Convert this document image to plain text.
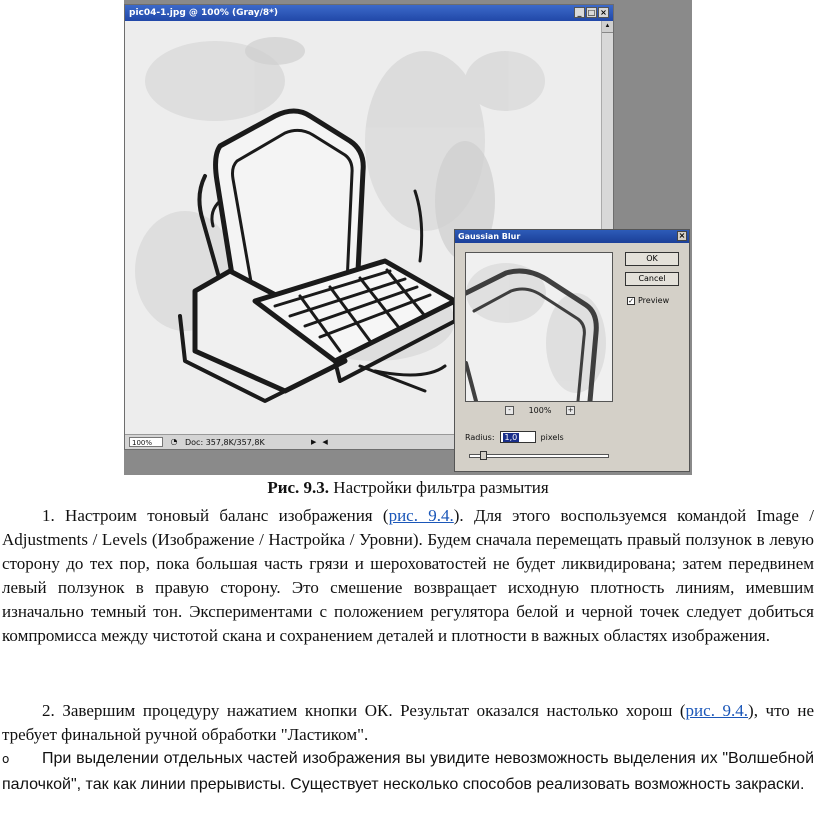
pic04-1.jpg @ 100% (Gray/8*)	_ □ ×
▲
100%	◔ Doc: 357,8K/357,8K	▶ ◀
Gaussian Blur	×
OK
Cancel
✓ Preview
-	100% +
Radius: 1,0	pixels
Рис. 9.3. Настройки фильтра размытия

1. Настроим тоновый баланс изображения (рис. 9.4.). Для этого воспользуемся командой Image / Adjustments / Levels (Изображение / Настройка / Уровни). Будем сначала перемещать правый ползунок в левую сторону до тех пор, пока большая часть грязи и шероховатостей не будет ликвидирована; затем передвинем левый ползунок в правую сторону. Это смешение возвращает исходную плотность линиям, имевшим изначально темный тон. Экспериментами с положением регулятора белой и черной точек следует добиться компромисса между чистотой скана и сохранением деталей и плотности в важных областях изображения.

2. Завершим процедуру нажатием кнопки ОК. Результат оказался настолько хорош (рис. 9.4.), что не требует финальной ручной обработки "Ластиком".

o При выделении отдельных частей изображения вы увидите невозможность выделения их "Волшебной палочкой", так как линии прерывисты. Существует несколько способов реализовать возможность закраски.
